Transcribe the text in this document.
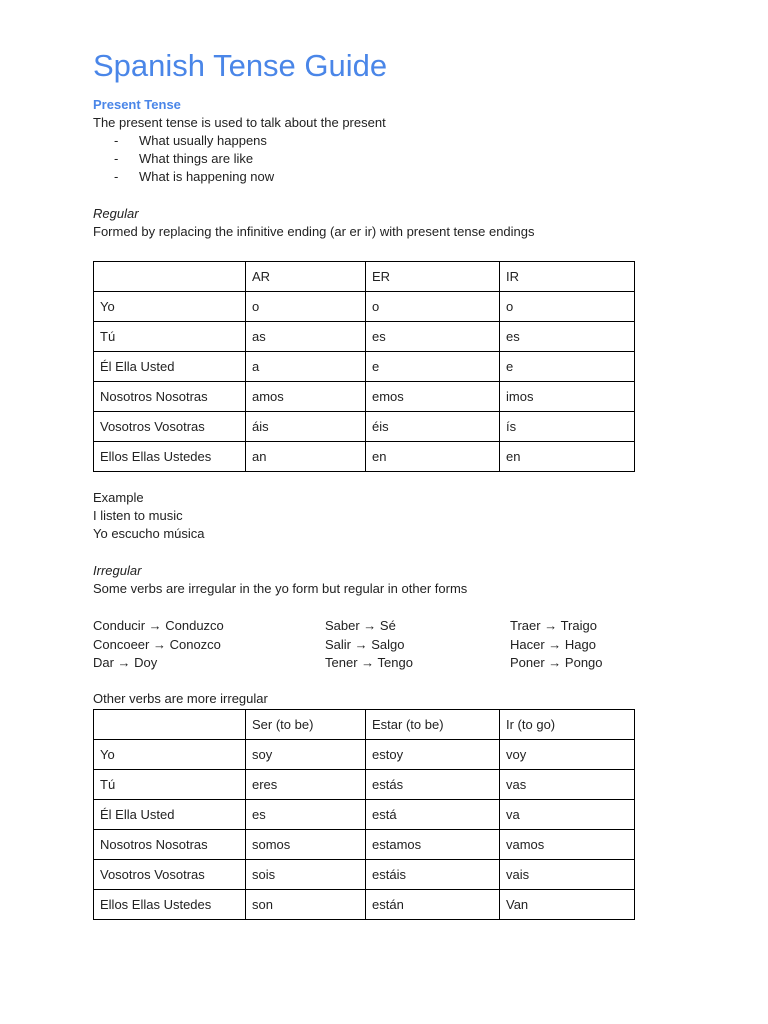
Spanish Tense Guide
Present Tense
The present tense is used to talk about the present
- What usually happens
- What things are like
- What is happening now
Regular
Formed by replacing the infinitive ending (ar er ir) with present tense endings
	AR	ER	IR
Yo	o	o	o
Tú	as	es	es
Él Ella Usted	a	e	e
Nosotros Nosotras	amos	emos	imos
Vosotros Vosotras	áis	éis	ís
Ellos Ellas Ustedes	an	en	en
Example
I listen to music
Yo escucho música
Irregular
Some verbs are irregular in the yo form but regular in other forms
Conducir → Conduzco
Concoeer → Conozco
Dar → Doy
Saber → Sé
Salir → Salgo
Tener → Tengo
Traer → Traigo
Hacer → Hago
Poner → Pongo
Other verbs are more irregular
	Ser (to be)	Estar (to be)	Ir (to go)
Yo	soy	estoy	voy
Tú	eres	estás	vas
Él Ella Usted	es	está	va
Nosotros Nosotras	somos	estamos	vamos
Vosotros Vosotras	sois	estáis	vais
Ellos Ellas Ustedes	son	están	Van
